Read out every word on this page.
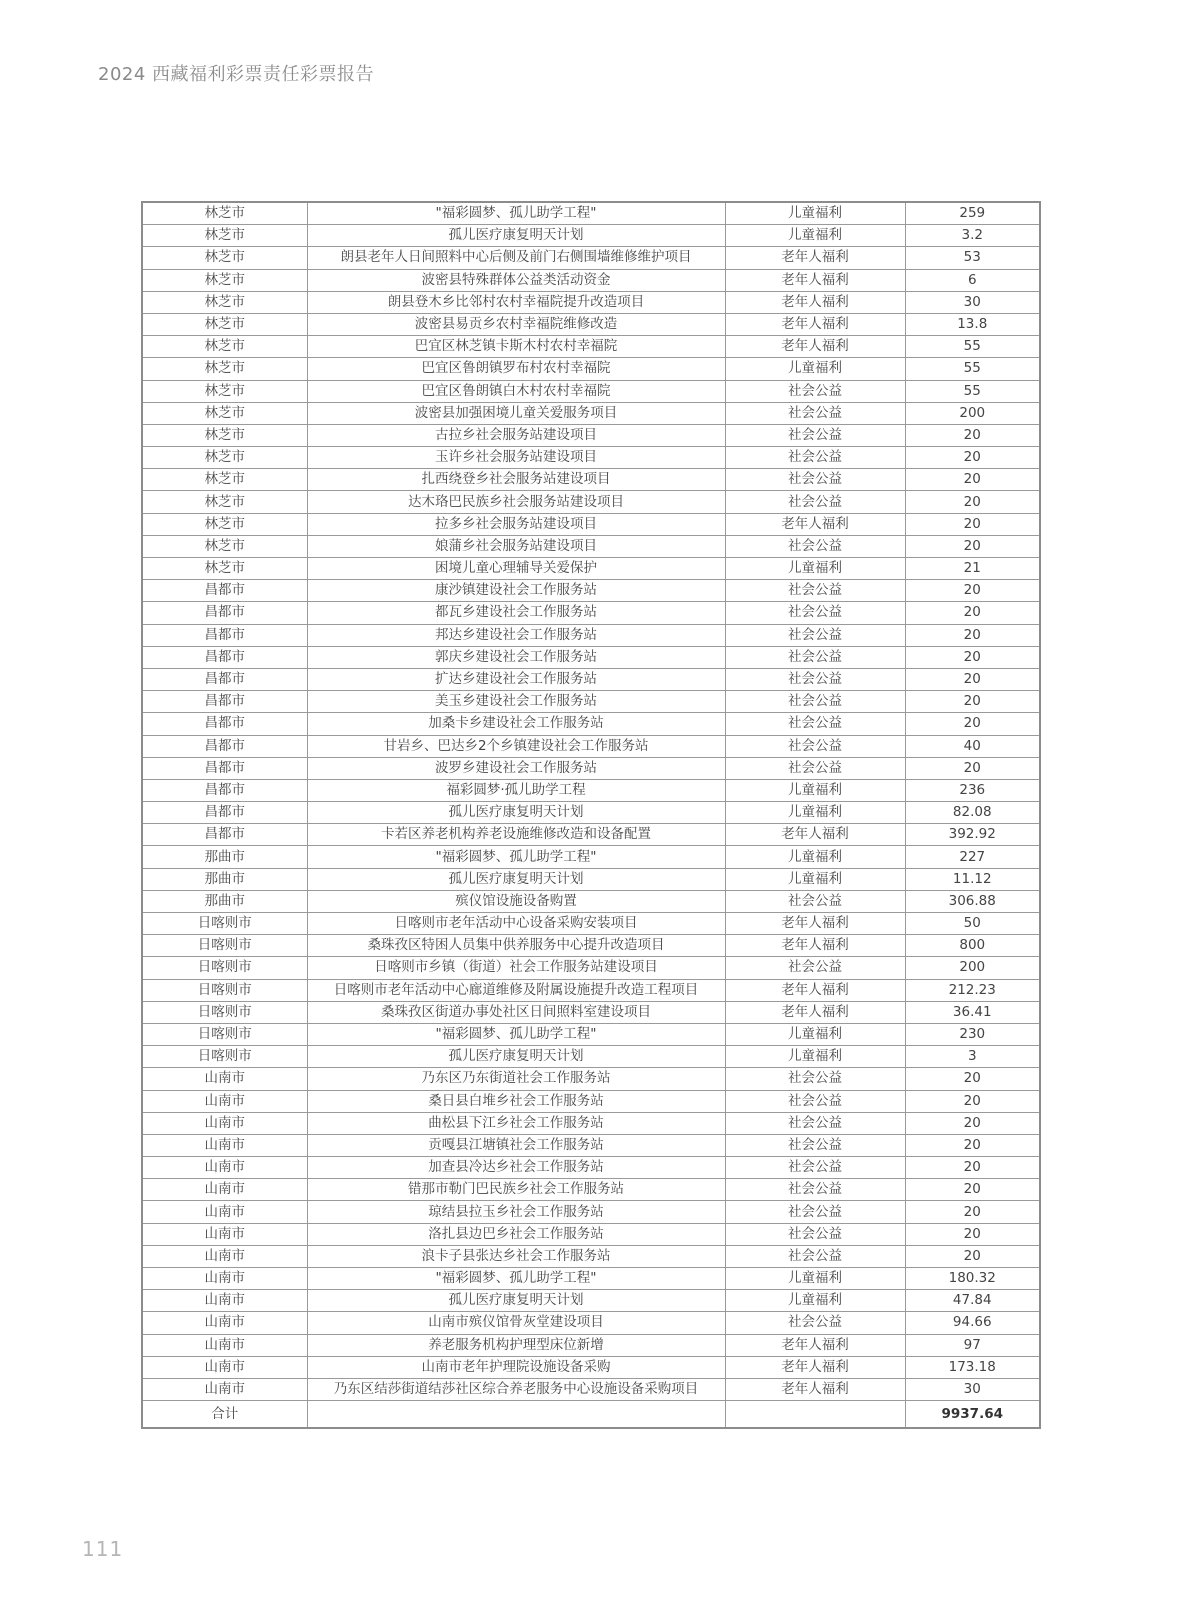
2024 西藏福利彩票责任彩票报告
林芝市	"福彩圆梦、孤儿助学工程"	儿童福利	259
林芝市	孤儿医疗康复明天计划	儿童福利	3.2
林芝市	朗县老年人日间照料中心后侧及前门右侧围墙维修维护项目	老年人福利	53
林芝市	波密县特殊群体公益类活动资金	老年人福利	6
林芝市	朗县登木乡比邻村农村幸福院提升改造项目	老年人福利	30
林芝市	波密县易贡乡农村幸福院维修改造	老年人福利	13.8
林芝市	巴宜区林芝镇卡斯木村农村幸福院	老年人福利	55
林芝市	巴宜区鲁朗镇罗布村农村幸福院	儿童福利	55
林芝市	巴宜区鲁朗镇白木村农村幸福院	社会公益	55
林芝市	波密县加强困境儿童关爱服务项目	社会公益	200
林芝市	古拉乡社会服务站建设项目	社会公益	20
林芝市	玉许乡社会服务站建设项目	社会公益	20
林芝市	扎西绕登乡社会服务站建设项目	社会公益	20
林芝市	达木珞巴民族乡社会服务站建设项目	社会公益	20
林芝市	拉多乡社会服务站建设项目	老年人福利	20
林芝市	娘蒲乡社会服务站建设项目	社会公益	20
林芝市	困境儿童心理辅导关爱保护	儿童福利	21
昌都市	康沙镇建设社会工作服务站	社会公益	20
昌都市	都瓦乡建设社会工作服务站	社会公益	20
昌都市	邦达乡建设社会工作服务站	社会公益	20
昌都市	郭庆乡建设社会工作服务站	社会公益	20
昌都市	扩达乡建设社会工作服务站	社会公益	20
昌都市	美玉乡建设社会工作服务站	社会公益	20
昌都市	加桑卡乡建设社会工作服务站	社会公益	20
昌都市	甘岩乡、巴达乡2个乡镇建设社会工作服务站	社会公益	40
昌都市	波罗乡建设社会工作服务站	社会公益	20
昌都市	福彩圆梦·孤儿助学工程	儿童福利	236
昌都市	孤儿医疗康复明天计划	儿童福利	82.08
昌都市	卡若区养老机构养老设施维修改造和设备配置	老年人福利	392.92
那曲市	"福彩圆梦、孤儿助学工程"	儿童福利	227
那曲市	孤儿医疗康复明天计划	儿童福利	11.12
那曲市	殡仪馆设施设备购置	社会公益	306.88
日喀则市	日喀则市老年活动中心设备采购安装项目	老年人福利	50
日喀则市	桑珠孜区特困人员集中供养服务中心提升改造项目	老年人福利	800
日喀则市	日喀则市乡镇（街道）社会工作服务站建设项目	社会公益	200
日喀则市	日喀则市老年活动中心廊道维修及附属设施提升改造工程项目	老年人福利	212.23
日喀则市	桑珠孜区街道办事处社区日间照料室建设项目	老年人福利	36.41
日喀则市	"福彩圆梦、孤儿助学工程"	儿童福利	230
日喀则市	孤儿医疗康复明天计划	儿童福利	3
山南市	乃东区乃东街道社会工作服务站	社会公益	20
山南市	桑日县白堆乡社会工作服务站	社会公益	20
山南市	曲松县下江乡社会工作服务站	社会公益	20
山南市	贡嘎县江塘镇社会工作服务站	社会公益	20
山南市	加查县冷达乡社会工作服务站	社会公益	20
山南市	错那市勒门巴民族乡社会工作服务站	社会公益	20
山南市	琼结县拉玉乡社会工作服务站	社会公益	20
山南市	洛扎县边巴乡社会工作服务站	社会公益	20
山南市	浪卡子县张达乡社会工作服务站	社会公益	20
山南市	"福彩圆梦、孤儿助学工程"	儿童福利	180.32
山南市	孤儿医疗康复明天计划	儿童福利	47.84
山南市	山南市殡仪馆骨灰堂建设项目	社会公益	94.66
山南市	养老服务机构护理型床位新增	老年人福利	97
山南市	山南市老年护理院设施设备采购	老年人福利	173.18
山南市	乃东区结莎街道结莎社区综合养老服务中心设施设备采购项目	老年人福利	30
合计			9937.64
111
